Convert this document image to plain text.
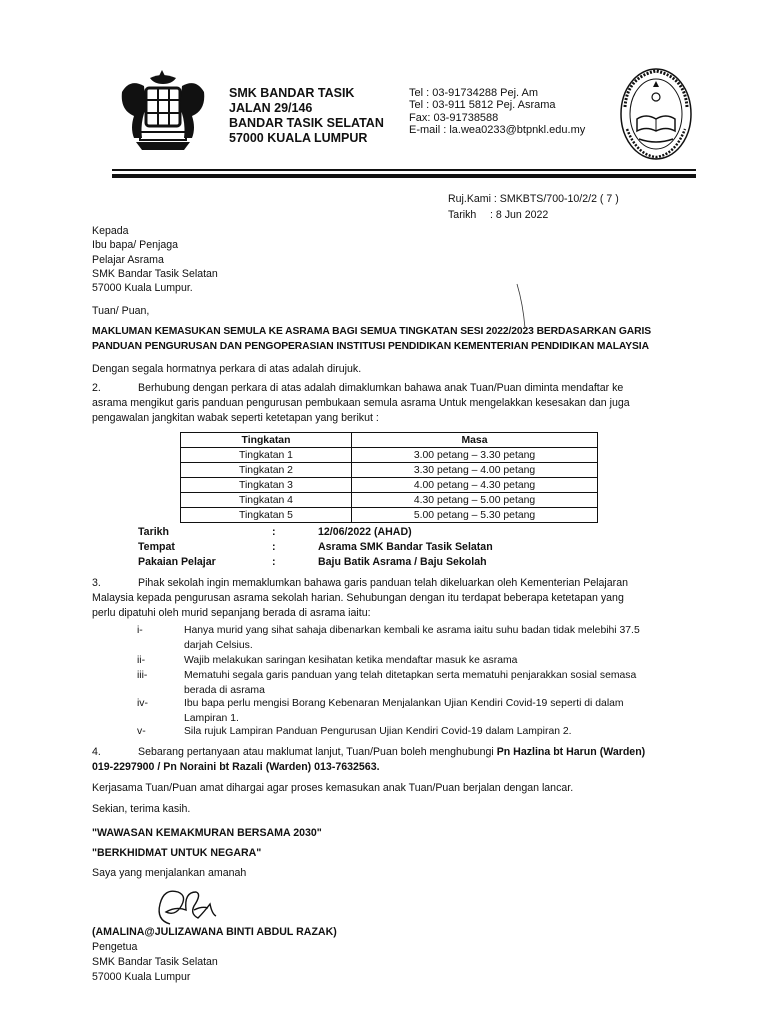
SMK BANDAR TASIK
JALAN 29/146
BANDAR TASIK SELATAN
57000 KUALA LUMPUR
Tel : 03-91734288 Pej. Am
Tel : 03-911 5812 Pej. Asrama
Fax: 03-91738588
E-mail : la.wea0233@btpnkl.edu.my
Ruj.Kami : SMKBTS/700-10/2/2 ( 7 )
Tarikh : 8 Jun 2022
Kepada
Ibu bapa/ Penjaga
Pelajar Asrama
SMK Bandar Tasik Selatan
57000 Kuala Lumpur.
Tuan/ Puan,
MAKLUMAN KEMASUKAN SEMULA KE ASRAMA BAGI SEMUA TINGKATAN SESI 2022/2023 BERDASARKAN GARIS
PANDUAN PENGURUSAN DAN PENGOPERASIAN INSTITUSI PENDIDIKAN KEMENTERIAN PENDIDIKAN MALAYSIA
Dengan segala hormatnya perkara di atas adalah dirujuk.
2.	Berhubung dengan perkara di atas adalah dimaklumkan bahawa anak Tuan/Puan diminta mendaftar ke
asrama mengikut garis panduan pengurusan pembukaan semula asrama Untuk mengelakkan kesesakan dan juga
pengawalan jangkitan wabak seperti ketetapan yang berikut :
Tingkatan	Masa
Tingkatan 1	3.00 petang – 3.30 petang
Tingkatan 2	3.30 petang – 4.00 petang
Tingkatan 3	4.00 petang – 4.30 petang
Tingkatan 4	4.30 petang – 5.00 petang
Tingkatan 5	5.00 petang – 5.30 petang
Tarikh	:	12/06/2022 (AHAD)
Tempat	:	Asrama SMK Bandar Tasik Selatan
Pakaian Pelajar	:	Baju Batik Asrama / Baju Sekolah
3.	Pihak sekolah ingin memaklumkan bahawa garis panduan telah dikeluarkan oleh Kementerian Pelajaran
Malaysia kepada pengurusan asrama sekolah harian. Sehubungan dengan itu terdapat beberapa ketetapan yang
perlu dipatuhi oleh murid sepanjang berada di asrama iaitu:
i-	Hanya murid yang sihat sahaja dibenarkan kembali ke asrama iaitu suhu badan tidak melebihi 37.5
darjah Celsius.
ii-	Wajib melakukan saringan kesihatan ketika mendaftar masuk ke asrama
iii-	Mematuhi segala garis panduan yang telah ditetapkan serta mematuhi penjarakkan sosial semasa
berada di asrama
iv-	Ibu bapa perlu mengisi Borang Kebenaran Menjalankan Ujian Kendiri Covid-19 seperti di dalam
Lampiran 1.
v-	Sila rujuk Lampiran Panduan Pengurusan Ujian Kendiri Covid-19 dalam Lampiran 2.
4.	Sebarang pertanyaan atau maklumat lanjut, Tuan/Puan boleh menghubungi Pn Hazlina bt Harun (Warden)
019-2297900 / Pn Noraini bt Razali (Warden) 013-7632563.
Kerjasama Tuan/Puan amat dihargai agar proses kemasukan anak Tuan/Puan berjalan dengan lancar.
Sekian, terima kasih.
"WAWASAN KEMAKMURAN BERSAMA 2030"
"BERKHIDMAT UNTUK NEGARA"
Saya yang menjalankan amanah
(AMALINA@JULIZAWANA BINTI ABDUL RAZAK)
Pengetua
SMK Bandar Tasik Selatan
57000 Kuala Lumpur
